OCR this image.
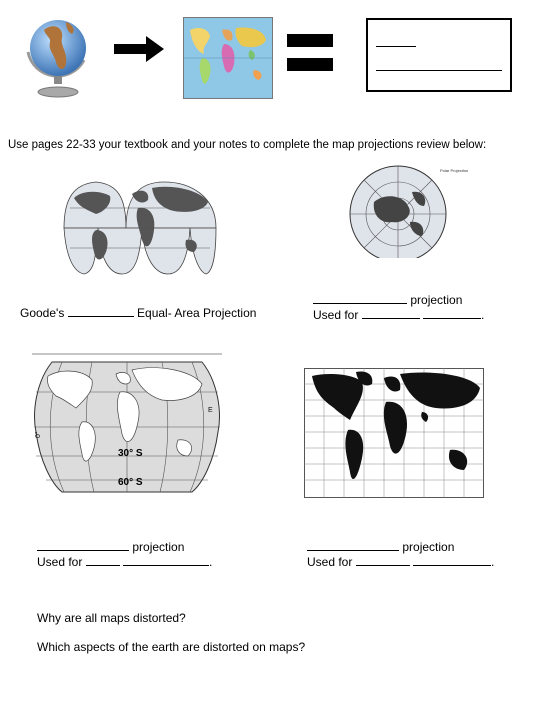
Use pages 22-33 your textbook and your notes to complete the map projections review below:
Goode's	Equal- Area Projection
Polar Projection
projection
Used for	.
0°
E
30° S
60° S
projection
Used for	.
projection
Used for	.
Why are all maps distorted?
Which aspects of the earth are distorted on maps?
